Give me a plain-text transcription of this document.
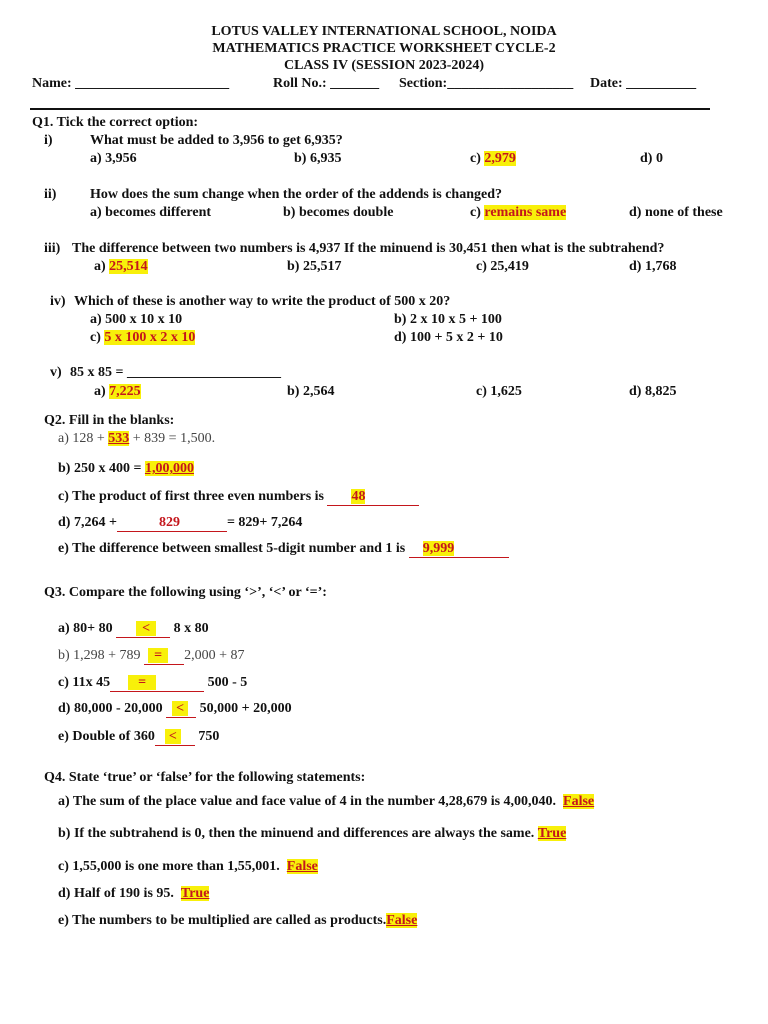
LOTUS VALLEY INTERNATIONAL SCHOOL, NOIDA
MATHEMATICS PRACTICE WORKSHEET CYCLE-2
CLASS IV (SESSION 2023-2024)
Name: ______________________	Roll No.: _______ Section:__________________ Date: __________
Q1. Tick the correct option:
i)	What must be added to 3,956 to get 6,935?
a) 3,956	b) 6,935	c) 2,979	d) 0
ii) How does the sum change when the order of the addends is changed?
a) becomes different	b) becomes double	c) remains same	d) none of these
iii) The difference between two numbers is 4,937 If the minuend is 30,451 then what is the subtrahend?
a) 25,514	b) 25,517	c) 25,419	d) 1,768
iv) Which of these is another way to write the product of 500 x 20?
a) 500 x 10 x 10	b) 2 x 10 x 5 + 100
c) 5 x 100 x 2 x 10	d) 100 + 5 x 2 + 10
v) 85 x 85 = ______________________
a) 7,225	b) 2,564	c) 1,625	d) 8,825
Q2. Fill in the blanks:
a) 128 + 533 + 839 = 1,500.
b) 250 x 400 = 1,00,000
c) The product of first three even numbers is 48
d) 7,264 +	829	= 829+ 7,264
e) The difference between smallest 5-digit number and 1 is 9,999
Q3. Compare the following using ‘>’, ‘<’ or ‘=’:
a) 80+ 80 < 8 x 80
b) 1,298 + 789 = 2,000 + 87
c) 11x 45 =	500 - 5
d) 80,000 - 20,000 < 50,000 + 20,000
e) Double of 360 < 750
Q4. State ‘true’ or ‘false’ for the following statements:
a) The sum of the place value and face value of 4 in the number 4,28,679 is 4,00,040. False
b) If the subtrahend is 0, then the minuend and differences are always the same. True
c) 1,55,000 is one more than 1,55,001. False
d) Half of 190 is 95. True
e) The numbers to be multiplied are called as products.False
